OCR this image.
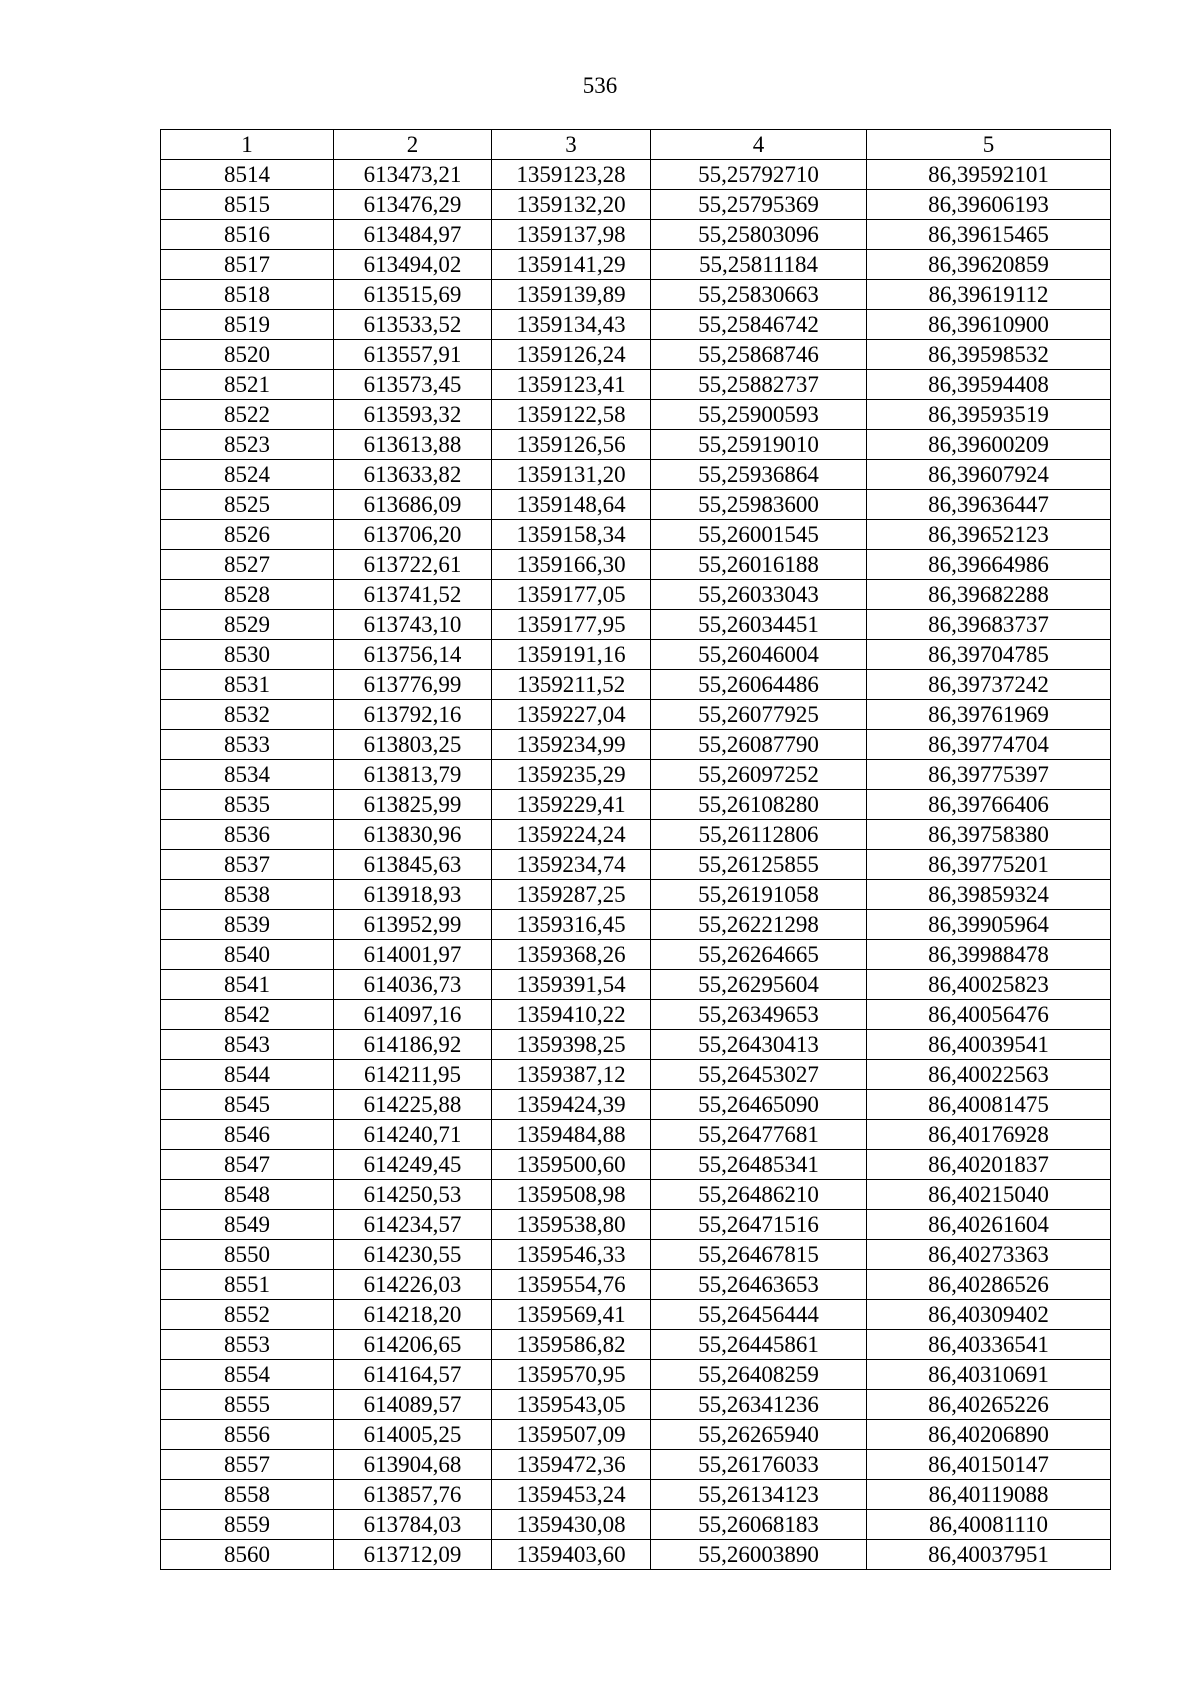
536
1	2	3	4	5
8514	613473,21	1359123,28	55,25792710	86,39592101
8515	613476,29	1359132,20	55,25795369	86,39606193
8516	613484,97	1359137,98	55,25803096	86,39615465
8517	613494,02	1359141,29	55,25811184	86,39620859
8518	613515,69	1359139,89	55,25830663	86,39619112
8519	613533,52	1359134,43	55,25846742	86,39610900
8520	613557,91	1359126,24	55,25868746	86,39598532
8521	613573,45	1359123,41	55,25882737	86,39594408
8522	613593,32	1359122,58	55,25900593	86,39593519
8523	613613,88	1359126,56	55,25919010	86,39600209
8524	613633,82	1359131,20	55,25936864	86,39607924
8525	613686,09	1359148,64	55,25983600	86,39636447
8526	613706,20	1359158,34	55,26001545	86,39652123
8527	613722,61	1359166,30	55,26016188	86,39664986
8528	613741,52	1359177,05	55,26033043	86,39682288
8529	613743,10	1359177,95	55,26034451	86,39683737
8530	613756,14	1359191,16	55,26046004	86,39704785
8531	613776,99	1359211,52	55,26064486	86,39737242
8532	613792,16	1359227,04	55,26077925	86,39761969
8533	613803,25	1359234,99	55,26087790	86,39774704
8534	613813,79	1359235,29	55,26097252	86,39775397
8535	613825,99	1359229,41	55,26108280	86,39766406
8536	613830,96	1359224,24	55,26112806	86,39758380
8537	613845,63	1359234,74	55,26125855	86,39775201
8538	613918,93	1359287,25	55,26191058	86,39859324
8539	613952,99	1359316,45	55,26221298	86,39905964
8540	614001,97	1359368,26	55,26264665	86,39988478
8541	614036,73	1359391,54	55,26295604	86,40025823
8542	614097,16	1359410,22	55,26349653	86,40056476
8543	614186,92	1359398,25	55,26430413	86,40039541
8544	614211,95	1359387,12	55,26453027	86,40022563
8545	614225,88	1359424,39	55,26465090	86,40081475
8546	614240,71	1359484,88	55,26477681	86,40176928
8547	614249,45	1359500,60	55,26485341	86,40201837
8548	614250,53	1359508,98	55,26486210	86,40215040
8549	614234,57	1359538,80	55,26471516	86,40261604
8550	614230,55	1359546,33	55,26467815	86,40273363
8551	614226,03	1359554,76	55,26463653	86,40286526
8552	614218,20	1359569,41	55,26456444	86,40309402
8553	614206,65	1359586,82	55,26445861	86,40336541
8554	614164,57	1359570,95	55,26408259	86,40310691
8555	614089,57	1359543,05	55,26341236	86,40265226
8556	614005,25	1359507,09	55,26265940	86,40206890
8557	613904,68	1359472,36	55,26176033	86,40150147
8558	613857,76	1359453,24	55,26134123	86,40119088
8559	613784,03	1359430,08	55,26068183	86,40081110
8560	613712,09	1359403,60	55,26003890	86,40037951
